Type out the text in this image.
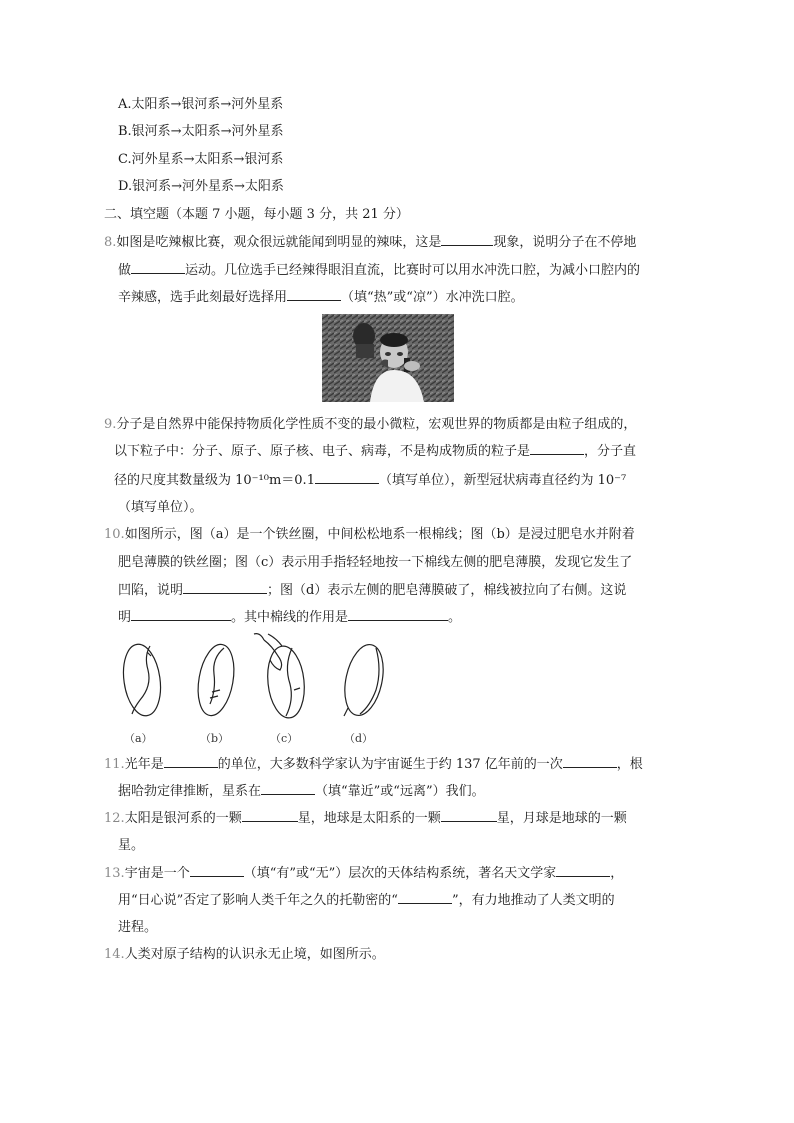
A.太阳系→银河系→河外星系
B.银河系→太阳系→河外星系
C.河外星系→太阳系→银河系
D.银河系→河外星系→太阳系
二、填空题（本题 7 小题，每小题 3 分，共 21 分）
8.如图是吃辣椒比赛，观众很远就能闻到明显的辣味，这是	现象，说明分子在不停地
做	运动。几位选手已经辣得眼泪直流，比赛时可以用水冲洗口腔，为减小口腔内的
辛辣感，选手此刻最好选择用	（填“热”或“凉”）水冲洗口腔。
9.分子是自然界中能保持物质化学性质不变的最小微粒，宏观世界的物质都是由粒子组成的，
以下粒子中：分子、原子、原子核、电子、病毒，不是构成物质的粒子是	，分子直
径的尺度其数量级为 10⁻¹⁰m＝0.1	（填写单位），新型冠状病毒直径约为 10⁻⁷
（填写单位）。
10.如图所示，图（a）是一个铁丝圈，中间松松地系一根棉线；图（b）是浸过肥皂水并附着
肥皂薄膜的铁丝圈；图（c）表示用手指轻轻地按一下棉线左侧的肥皂薄膜，发现它发生了
凹陷，说明	；图（d）表示左侧的肥皂薄膜破了，棉线被拉向了右侧。这说
明	。其中棉线的作用是	。
（a）	（b）	（c）	（d）
11.光年是	的单位，大多数科学家认为宇宙诞生于约 137 亿年前的一次	，根
据哈勃定律推断，星系在	（填“靠近”或“远离”）我们。
12.太阳是银河系的一颗	星，地球是太阳系的一颗	星，月球是地球的一颗
星。
13.宇宙是一个	（填“有”或“无”）层次的天体结构系统，著名天文学家	，
用“日心说”否定了影响人类千年之久的托勒密的“	”，有力地推动了人类文明的
进程。
14.人类对原子结构的认识永无止境，如图所示。
